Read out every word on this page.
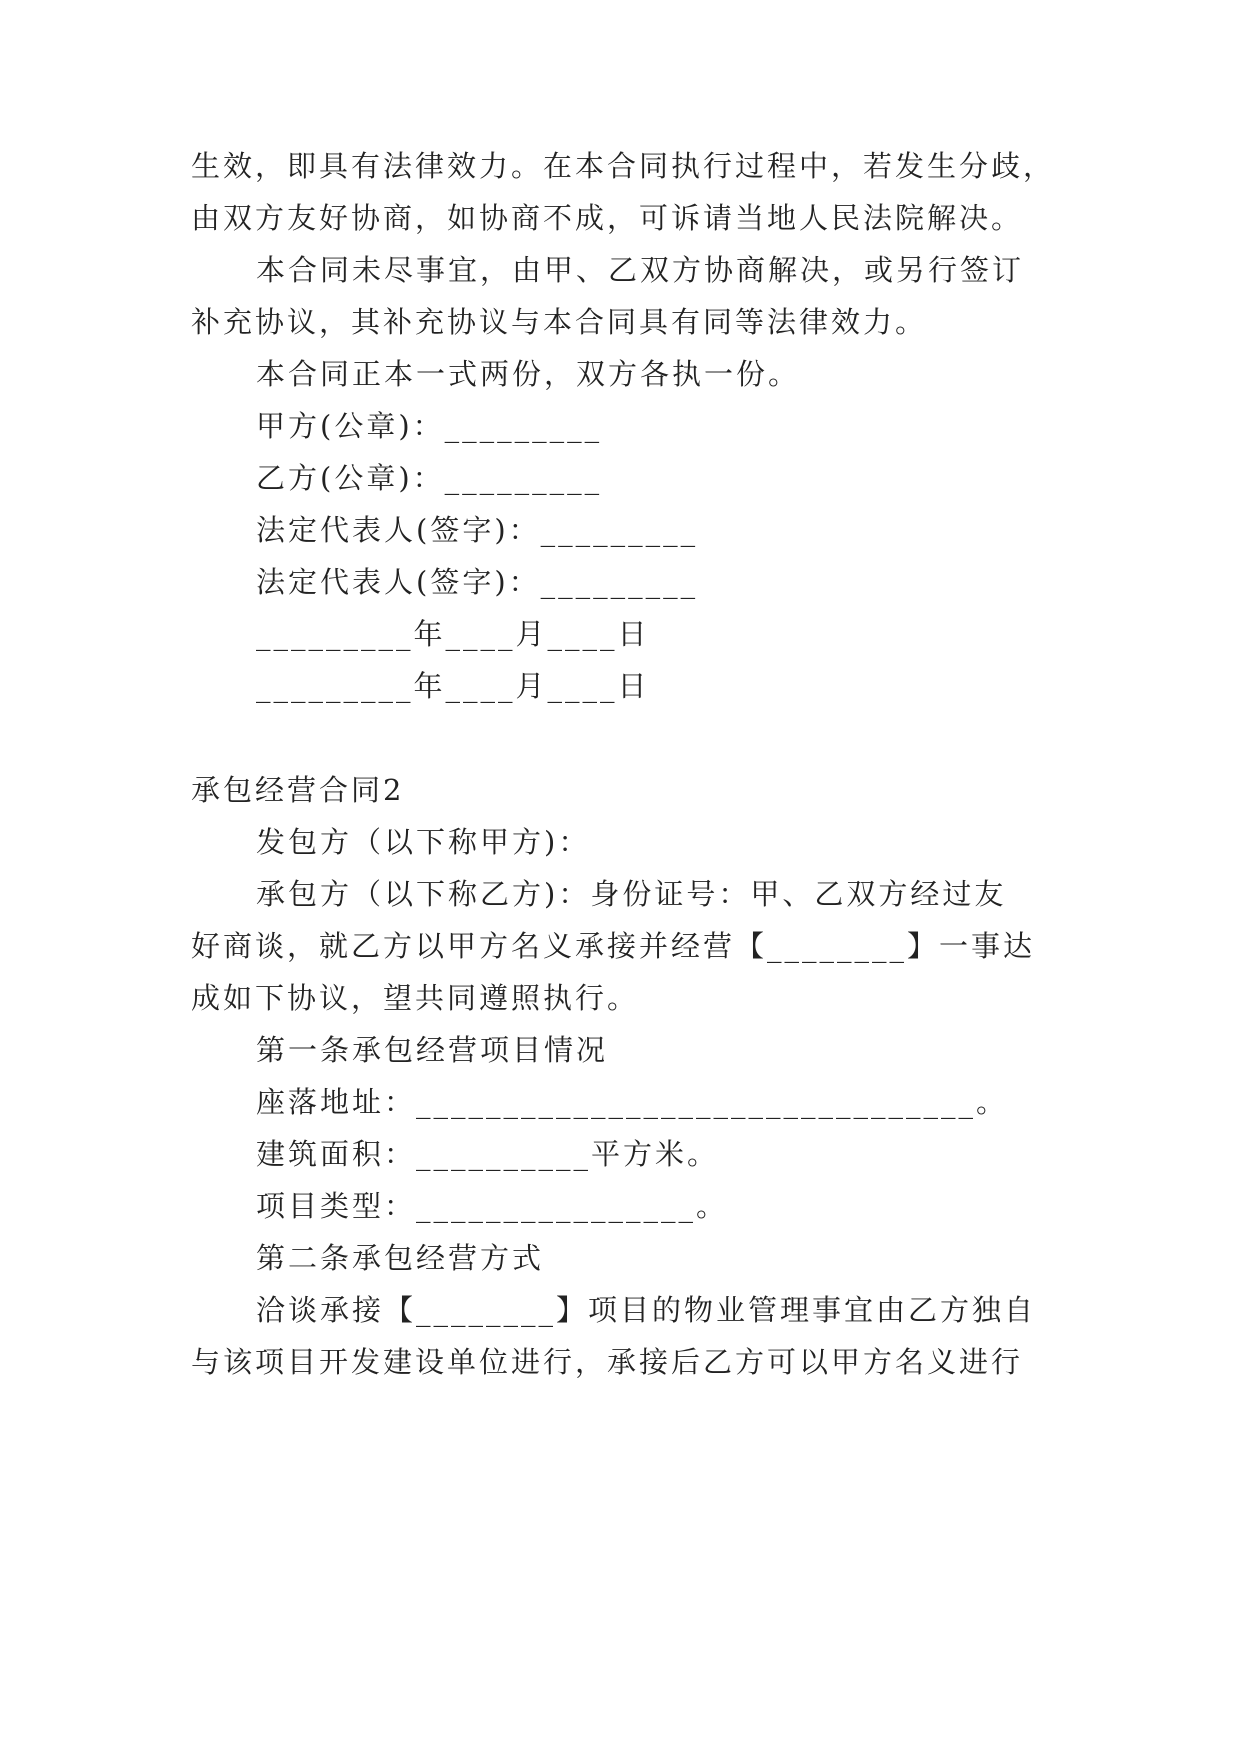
生效，即具有法律效力。在本合同执行过程中，若发生分歧，
由双方友好协商，如协商不成，可诉请当地人民法院解决。
本合同未尽事宜，由甲、乙双方协商解决，或另行签订
补充协议，其补充协议与本合同具有同等法律效力。
本合同正本一式两份，双方各执一份。
甲方(公章)：_________
乙方(公章)：_________
法定代表人(签字)：_________
法定代表人(签字)：_________
_________年____月____日
_________年____月____日
承包经营合同2
发包方（以下称甲方)：
承包方（以下称乙方)：身份证号：甲、乙双方经过友
好商谈，就乙方以甲方名义承接并经营【________】一事达
成如下协议，望共同遵照执行。
第一条承包经营项目情况
座落地址：________________________________。
建筑面积：__________平方米。
项目类型：________________。
第二条承包经营方式
洽谈承接【________】项目的物业管理事宜由乙方独自
与该项目开发建设单位进行，承接后乙方可以甲方名义进行
